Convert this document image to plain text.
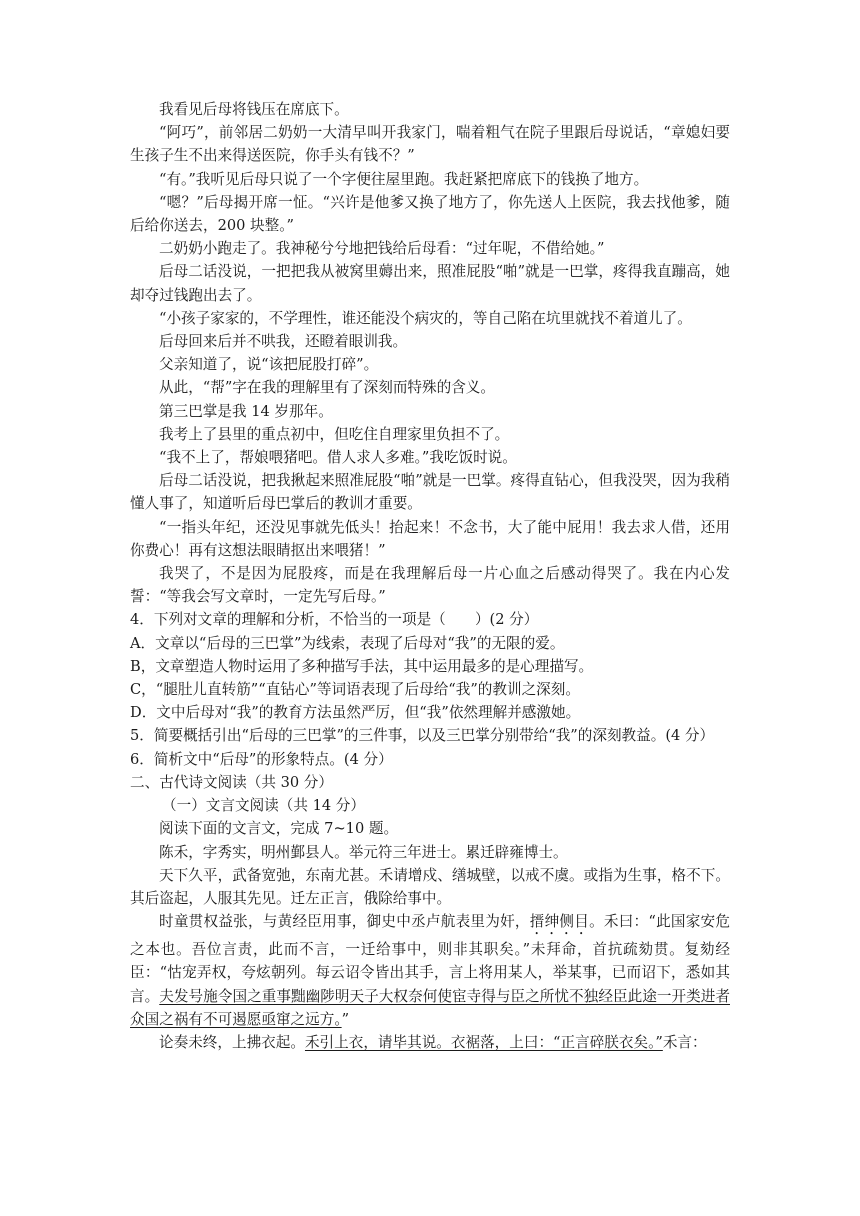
我看见后母将钱压在席底下。

“阿巧”，前邻居二奶奶一大清早叫开我家门，喘着粗气在院子里跟后母说话，“章媳妇要生孩子生不出来得送医院，你手头有钱不？”

“有。”我听见后母只说了一个字便往屋里跑。我赶紧把席底下的钱换了地方。

“嗯？”后母揭开席一怔。“兴许是他爹又换了地方了，你先送人上医院，我去找他爹，随后给你送去，200 块整。”

二奶奶小跑走了。我神秘兮兮地把钱给后母看：“过年呢，不借给她。”

后母二话没说，一把把我从被窝里薅出来，照准屁股“啪”就是一巴掌，疼得我直蹦高，她却夺过钱跑出去了。

“小孩子家家的，不学理性，谁还能没个病灾的，等自己陷在坑里就找不着道儿了。

后母回来后并不哄我，还瞪着眼训我。

父亲知道了，说“该把屁股打碎”。

从此，“帮”字在我的理解里有了深刻而特殊的含义。

第三巴掌是我 14 岁那年。

我考上了县里的重点初中，但吃住自理家里负担不了。

“我不上了，帮娘喂猪吧。借人求人多难。”我吃饭时说。

后母二话没说，把我揪起来照准屁股“啪”就是一巴掌。疼得直钻心，但我没哭，因为我稍懂人事了，知道听后母巴掌后的教训才重要。

“一指头年纪，还没见事就先低头！抬起来！不念书，大了能中屁用！我去求人借，还用你费心！再有这想法眼睛抠出来喂猪！”

我哭了，不是因为屁股疼，而是在我理解后母一片心血之后感动得哭了。我在内心发誓：“等我会写文章时，一定先写后母。”

4．下列对文章的理解和分析，不恰当的一项是（　　）(2 分）

A．文章以“后母的三巴掌”为线索，表现了后母对“我”的无限的爱。

B，文章塑造人物时运用了多种描写手法，其中运用最多的是心理描写。

C，“腿肚儿直转筋”“直钻心”等词语表现了后母给“我”的教训之深刻。

D．文中后母对“我”的教育方法虽然严厉，但“我”依然理解并感激她。

5．简要概括引出“后母的三巴掌”的三件事，以及三巴掌分别带给“我”的深刻教益。(4 分）

6．简析文中“后母”的形象特点。(4 分）

二、古代诗文阅读（共 30 分）

（一）文言文阅读（共 14 分）

阅读下面的文言文，完成 7~10 题。

陈禾，字秀实，明州鄞县人。举元符三年进士。累迁辟雍博士。

天下久平，武备宽弛，东南尤甚。禾请增戍、缮城壁，以戒不虞。或指为生事，格不下。其后盗起，人服其先见。迁左正言，俄除给事中。

时童贯权益张，与黄经臣用事，御史中丞卢航表里为奸，搢绅侧目。禾曰：“此国家安危之本也。吾位言责，此而不言，一迁给事中，则非其职矣。”未拜命，首抗疏劾贯。复劾经臣：“怙宠弄权，夸炫朝列。每云诏令皆出其手，言上将用某人，举某事，已而诏下，悉如其言。夫发号施令国之重事黜幽陟明天子大权奈何使宦寺得与臣之所忧不独经臣此途一开类进者众国之祸有不可遏愿亟窜之远方。”

论奏未终，上拂衣起。禾引上衣，请毕其说。衣裾落，上曰：“正言碎朕衣矣。”禾言：
